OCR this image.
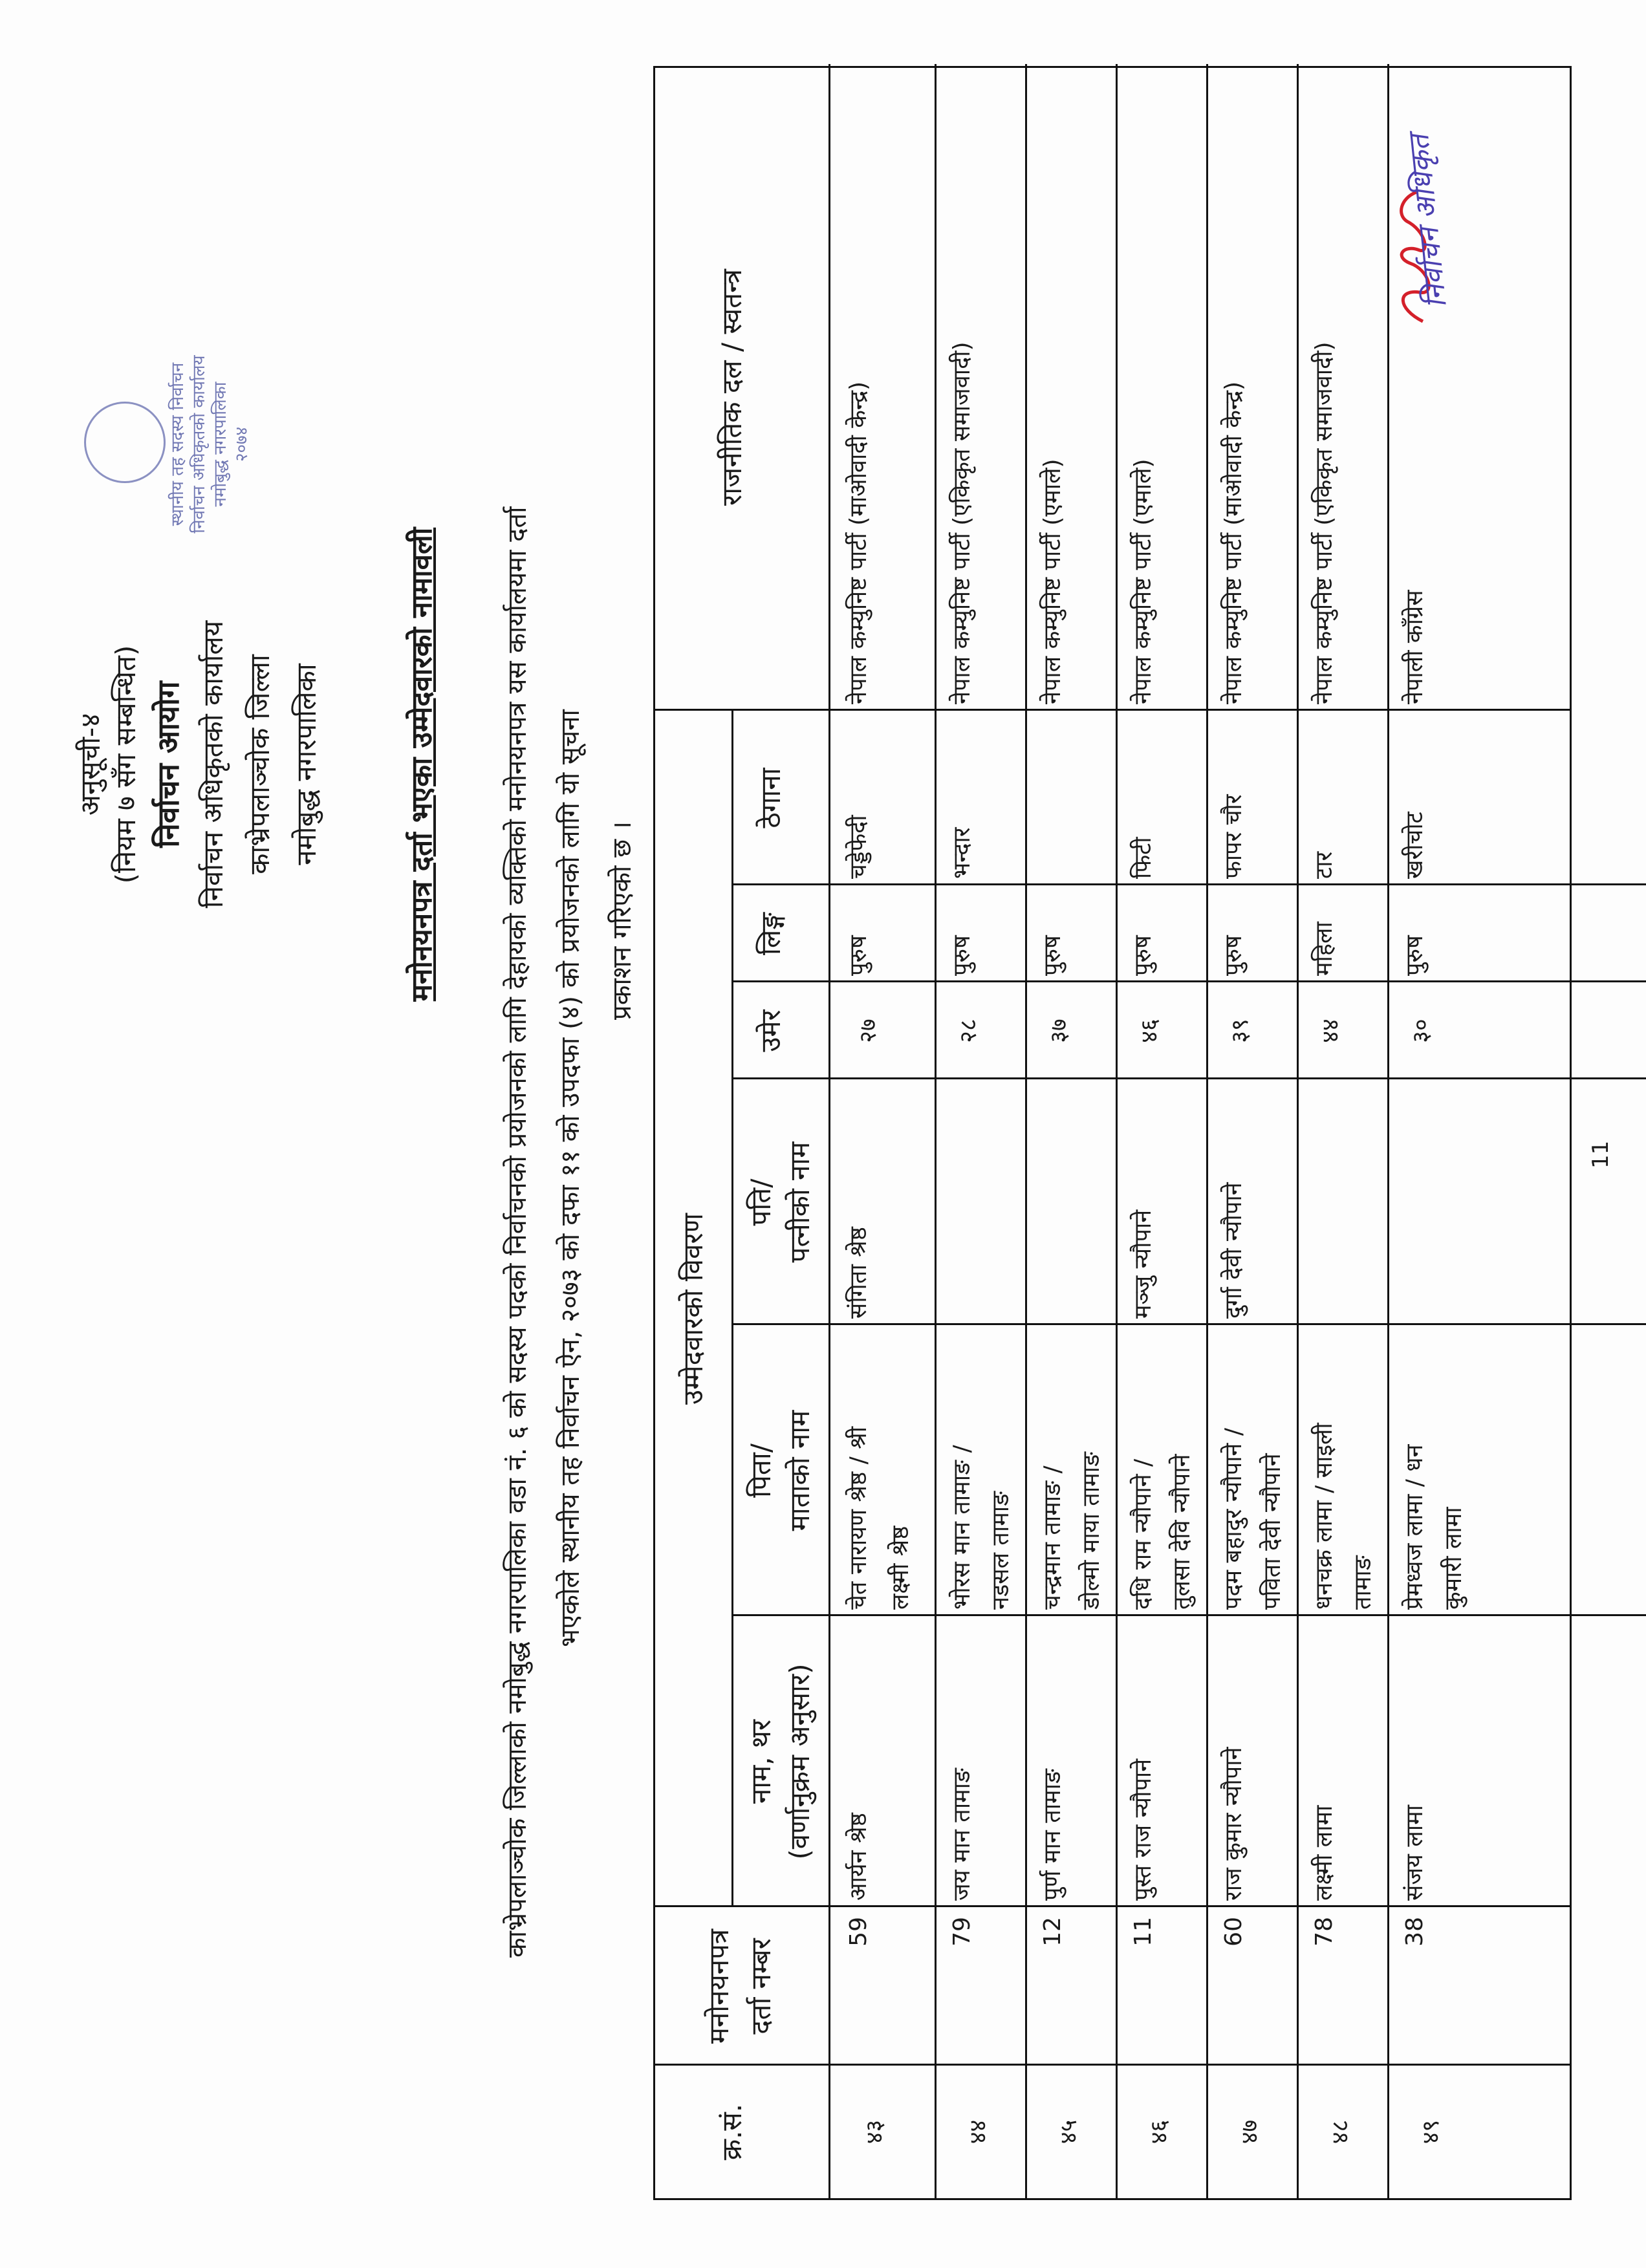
अनुसूची-४ (नियम ७ सँग सम्बन्धित) निर्वाचन आयोग निर्वाचन अधिकृतको कार्यालय काभ्रेपलाञ्चोक जिल्ला नमोबुद्ध नगरपालिका	मनोनयनपत्र दर्ता भएका उम्मेदवारको नामावली काभ्रेपलाञ्चोक जिल्लाको नमोबुद्ध नगरपालिका वडा नं. ६ को सदस्य पदको निर्वाचनको प्रयोजनको लागि देहायको व्यक्तिको मनोनयनपत्र यस कार्यालयमा दर्ता भएकोले स्थानीय तह निर्वाचन ऐन, २०७३ को दफा ११ को उपदफा (४) को प्रयोजनको लागि यो सूचना प्रकाशन गरिएको छ ।
स्थानीय तह सदस्य निर्वाचन निर्वाचन अधिकृतको कार्यालय नमोबुद्ध नगरपालिका २०७४
क्र.सं.
मनोनयनपत्र दर्ता नम्बर
उम्मेदवारको विवरण
नाम, थर (वर्णानुक्रम अनुसार)
पिता/ माताको नाम
पति/ पत्नीको नाम
उमेर
लिङ्ग
ठेगाना
राजनीतिक दल / स्वतन्त्र
४३
59
आर्यन श्रेष्ठ
चेत नारायण श्रेष्ठ / श्री लक्ष्मी श्रेष्ठ
संगिता श्रेष्ठ
२७
पुरुष
चड्डेफेदी
नेपाल कम्युनिष्ट पार्टी (माओवादी केन्द्र)
४४
79
जय मान तामाङ
भोरस मान तामाङ / नडसल तामाङ
२८
पुरुष
भन्दार
नेपाल कम्युनिष्ट पार्टी (एकिकृत समाजवादी)
४५
12
पुर्ण मान तामाङ
चन्द्रमान तामाङ / डोल्मो माया तामाङ
३७
पुरुष
नेपाल कम्युनिष्ट पार्टी (एमाले)
४६
11
पुस्त राज न्यौपाने
दधि राम न्यौपाने / तुलसा देवि न्यौपाने
मञ्जु न्यौपाने
४६
पुरुष
फिटी
नेपाल कम्युनिष्ट पार्टी (एमाले)
४७
60
राज कुमार न्यौपाने
पदम बहादुर न्यौपाने / पविता देवी न्यौपाने
दुर्गा देवी न्यौपाने
३९
पुरुष
फापर चौर
नेपाल कम्युनिष्ट पार्टी (माओवादी केन्द्र)
४८
78
लक्ष्मी लामा
धनचक्र लामा / साइली तामाङ
४४
महिला
टार
नेपाल कम्युनिष्ट पार्टी (एकिकृत समाजवादी)
४९
38
संजय लामा
प्रेमध्वज लामा / धन कुमारी लामा
३०
पुरुष
खरीचोट
नेपाली काँग्रेस
निर्वाचन अधिकृत
11
